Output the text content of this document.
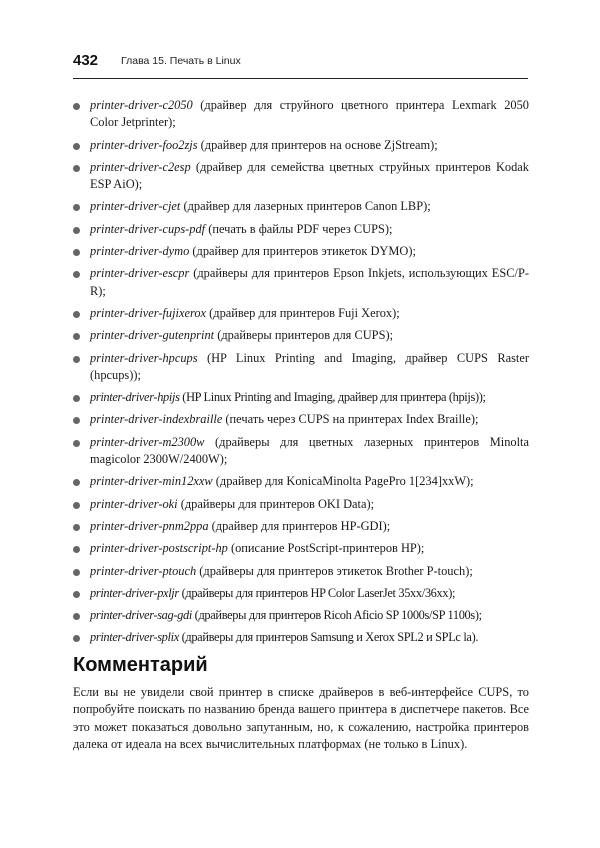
432 Глава 15. Печать в Linux
printer-driver-c2050 (драйвер для струйного цветного принтера Lexmark 2050 Color Jetprinter);
printer-driver-foo2zjs (драйвер для принтеров на основе ZjStream);
printer-driver-c2esp (драйвер для семейства цветных струйных принтеров Kodak ESP AiO);
printer-driver-cjet (драйвер для лазерных принтеров Canon LBP);
printer-driver-cups-pdf (печать в файлы PDF через CUPS);
printer-driver-dymo (драйвер для принтеров этикеток DYMO);
printer-driver-escpr (драйверы для принтеров Epson Inkjets, использующих ESC/P-R);
printer-driver-fujixerox (драйвер для принтеров Fuji Xerox);
printer-driver-gutenprint (драйверы принтеров для CUPS);
printer-driver-hpcups (HP Linux Printing and Imaging, драйвер CUPS Raster (hpcups));
printer-driver-hpijs (HP Linux Printing and Imaging, драйвер для принтера (hpijs));
printer-driver-indexbraille (печать через CUPS на принтерах Index Braille);
printer-driver-m2300w (драйверы для цветных лазерных принтеров Minolta magicolor 2300W/2400W);
printer-driver-min12xxw (драйвер для KonicaMinolta PagePro 1[234]xxW);
printer-driver-oki (драйверы для принтеров OKI Data);
printer-driver-pnm2ppa (драйвер для принтеров HP-GDI);
printer-driver-postscript-hp (описание PostScript-принтеров HP);
printer-driver-ptouch (драйверы для принтеров этикеток Brother P-touch);
printer-driver-pxljr (драйверы для принтеров HP Color LaserJet 35xx/36xx);
printer-driver-sag-gdi (драйверы для принтеров Ricoh Aficio SP 1000s/SP 1100s);
printer-driver-splix (драйверы для принтеров Samsung и Xerox SPL2 и SPLc la).
Комментарий

Если вы не увидели свой принтер в списке драйверов в веб-интерфейсе CUPS, то попробуйте поискать по названию бренда вашего принтера в диспетчере пакетов. Все это может показаться довольно запутанным, но, к сожалению, настройка принтеров далека от идеала на всех вычислительных платформах (не только в Linux).
